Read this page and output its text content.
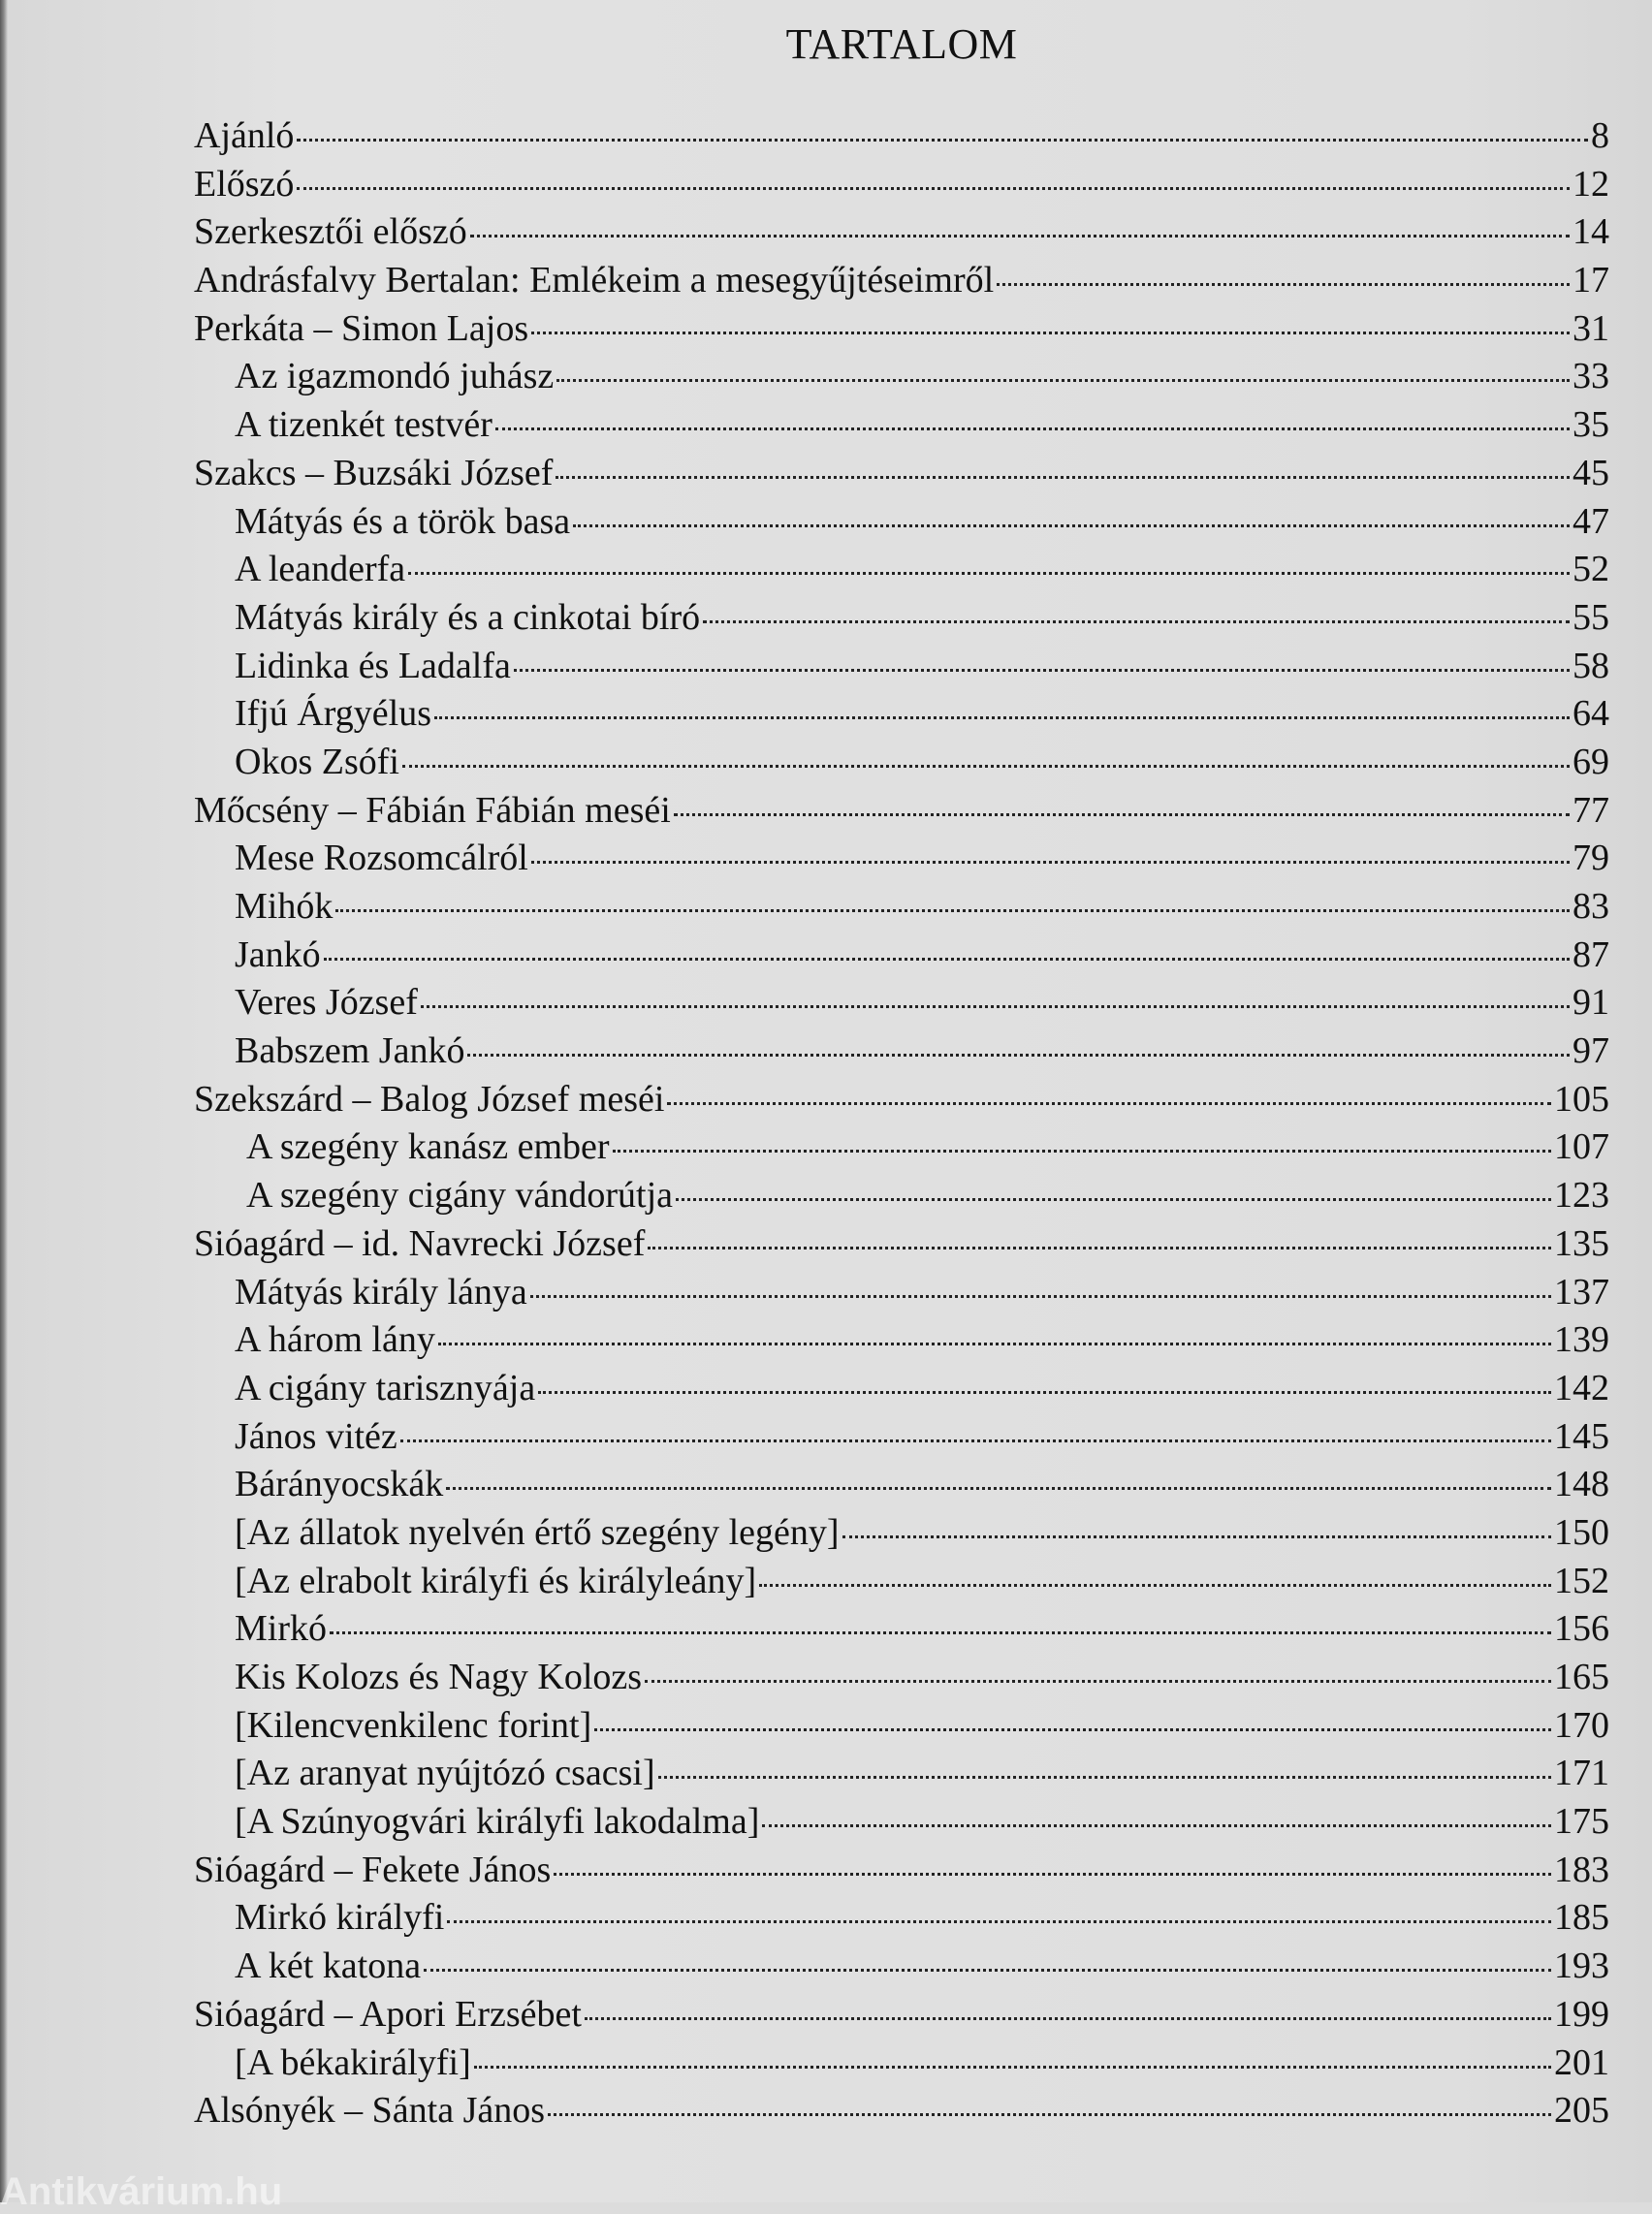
TARTALOM
Ajánló	8
Előszó	12
Szerkesztői előszó	14
Andrásfalvy Bertalan: Emlékeim a mesegyűjtéseimről	17
Perkáta – Simon Lajos	31
Az igazmondó juhász	33
A tizenkét testvér	35
Szakcs – Buzsáki József	45
Mátyás és a török basa	47
A leanderfa	52
Mátyás király és a cinkotai bíró	55
Lidinka és Ladalfa	58
Ifjú Árgyélus	64
Okos Zsófi	69
Mőcsény – Fábián Fábián meséi	77
Mese Rozsomcálról	79
Mihók	83
Jankó	87
Veres József	91
Babszem Jankó	97
Szekszárd – Balog József meséi	105
A szegény kanász ember	107
A szegény cigány vándorútja	123
Sióagárd – id. Navrecki József	135
Mátyás király lánya	137
A három lány	139
A cigány tarisznyája	142
János vitéz	145
Bárányocskák	148
[Az állatok nyelvén értő szegény legény]	150
[Az elrabolt királyfi és királyleány]	152
Mirkó	156
Kis Kolozs és Nagy Kolozs	165
[Kilencvenkilenc forint]	170
[Az aranyat nyújtózó csacsi]	171
[A Szúnyogvári királyfi lakodalma]	175
Sióagárd – Fekete János	183
Mirkó királyfi	185
A két katona	193
Sióagárd – Apori Erzsébet	199
[A békakirályfi]	201
Alsónyék – Sánta János	205
Antikvárium.hu
